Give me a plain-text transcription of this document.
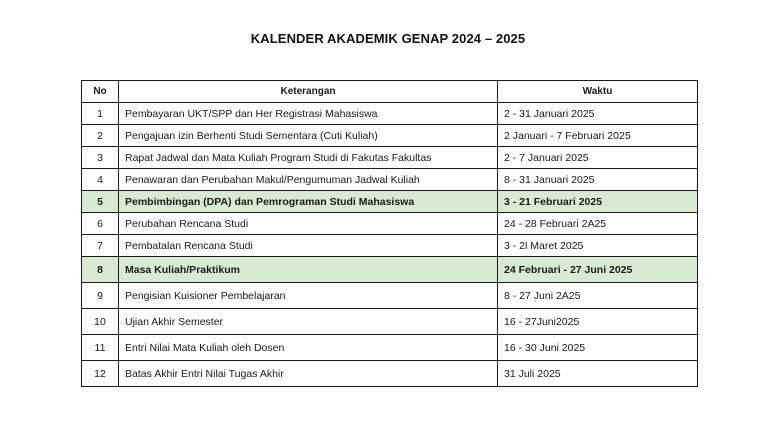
KALENDER AKADEMIK GENAP 2024 – 2025
No	Keterangan	Waktu
1	Pembayaran UKT/SPP dan Her Registrasi Mahasiswa	2 - 31 Januari 2025
2	Pengajuan izin Berhenti Studi Sementara (Cuti Kuliah)	2 Januari - 7 Februari 2025
3	Rapat Jadwal dan Mata Kuliah Program Studi di Fakutas Fakultas	2 - 7 Januari 2025
4	Penawaran dan Perubahan Makul/Pengumuman Jadwal Kuliah	8 - 31 Januari 2025
5	Pembimbingan (DPA) dan Pemrograman Studi Mahasiswa	3 - 21 Februari 2025
6	Perubahan Rencana Studi	24 - 28 Februari 2A25
7	Pembatalan Rencana Studi	3 - 2l Maret 2025
8	Masa Kuliah/Praktikum	24 Februari - 27 Juni 2025
9	Pengisian Kuisioner Pembelajaran	8 - 27 Juni 2A25
10	Ujian Akhir Semester	16 - 27Juni2025
11	Entri Nilai Mata Kuliah oleh Dosen	16 - 30 Juni 2025
12	Batas Akhir Entri Nilai Tugas Akhir	31 Juli 2025
